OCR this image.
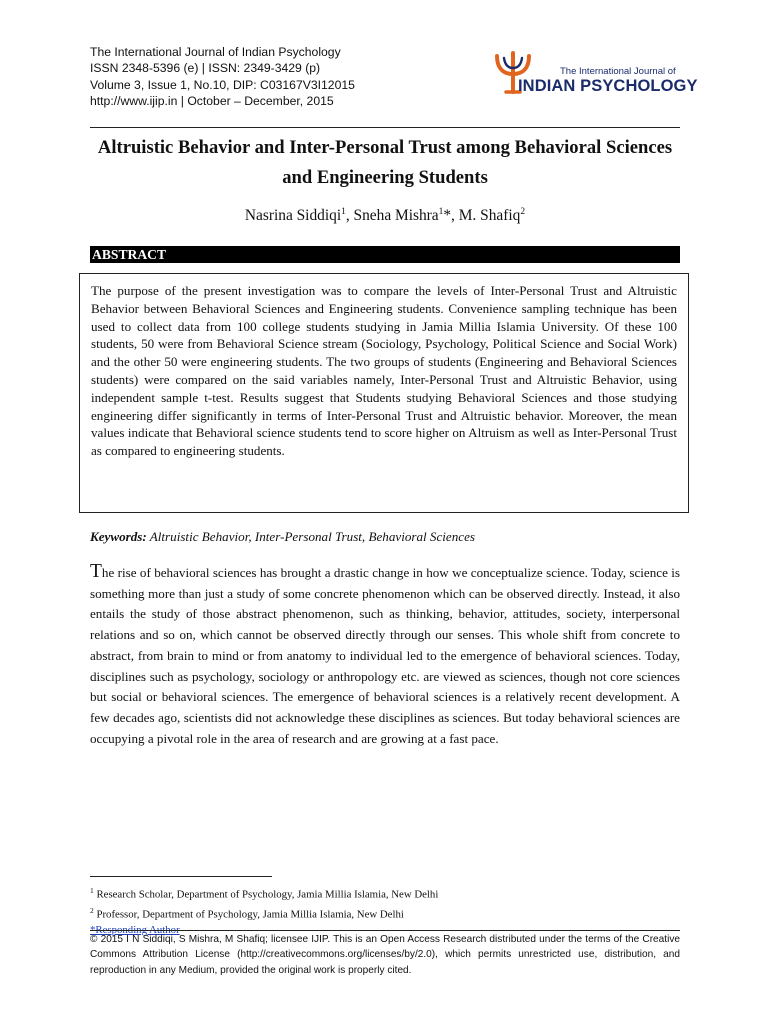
The International Journal of Indian Psychology
ISSN 2348-5396 (e) | ISSN: 2349-3429 (p)
Volume 3, Issue 1, No.10, DIP: C03167V3I12015
http://www.ijip.in | October – December, 2015
The International Journal of
INDIAN PSYCHOLOGY
Altruistic Behavior and Inter-Personal Trust among Behavioral Sciences and Engineering Students
Nasrina Siddiqi$^1$, Sneha Mishra$^1$*, M. Shafiq$^2$
ABSTRACT

The purpose of the present investigation was to compare the levels of Inter-Personal Trust and Altruistic Behavior between Behavioral Sciences and Engineering students. Convenience sampling technique has been used to collect data from 100 college students studying in Jamia Millia Islamia University. Of these 100 students, 50 were from Behavioral Science stream (Sociology, Psychology, Political Science and Social Work) and the other 50 were engineering students. The two groups of students (Engineering and Behavioral Sciences students) were compared on the said variables namely, Inter-Personal Trust and Altruistic Behavior, using independent sample t-test. Results suggest that Students studying Behavioral Sciences and those studying engineering differ significantly in terms of Inter-Personal Trust and Altruistic behavior. Moreover, the mean values indicate that Behavioral science students tend to score higher on Altruism as well as Inter-Personal Trust as compared to engineering students.

Keywords: Altruistic Behavior, Inter-Personal Trust, Behavioral Sciences

The rise of behavioral sciences has brought a drastic change in how we conceptualize science. Today, science is something more than just a study of some concrete phenomenon which can be observed directly. Instead, it also entails the study of those abstract phenomenon, such as thinking, behavior, attitudes, society, interpersonal relations and so on, which cannot be observed directly through our senses. This whole shift from concrete to abstract, from brain to mind or from anatomy to individual led to the emergence of behavioral sciences. Today, disciplines such as psychology, sociology or anthropology etc. are viewed as sciences, though not core sciences but social or behavioral sciences. The emergence of behavioral sciences is a relatively recent development. A few decades ago, scientists did not acknowledge these disciplines as sciences. But today behavioral sciences are occupying a pivotal role in the area of research and are growing at a fast pace.

$^1$ Research Scholar, Department of Psychology, Jamia Millia Islamia, New Delhi
$^2$ Professor, Department of Psychology, Jamia Millia Islamia, New Delhi
*Responding Author

© 2015 I N Siddiqi, S Mishra, M Shafiq; licensee IJIP. This is an Open Access Research distributed under the terms of the Creative Commons Attribution License (http://creativecommons.org/licenses/by/2.0), which permits unrestricted use, distribution, and reproduction in any Medium, provided the original work is properly cited.
